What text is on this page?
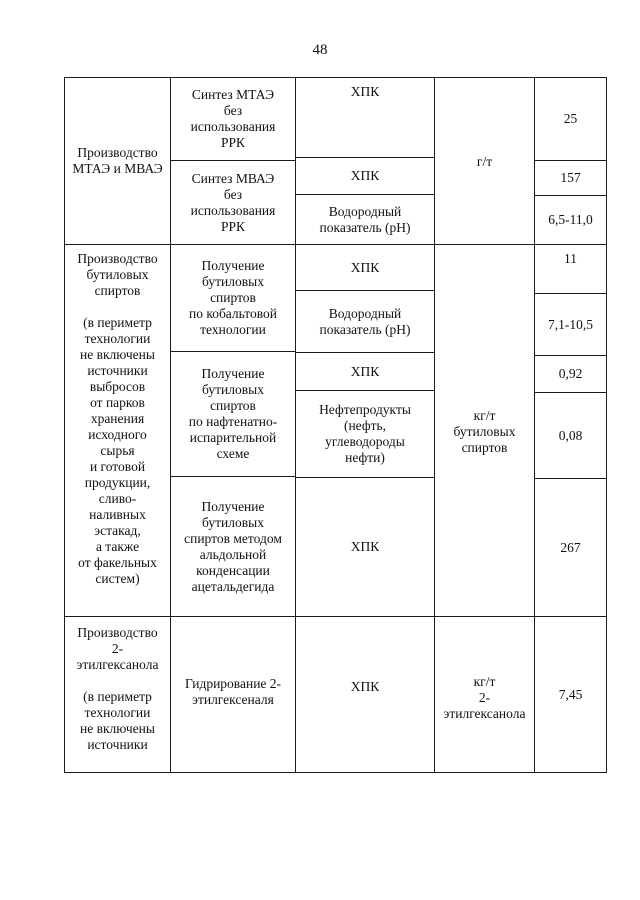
48
Производство
МТАЭ и МВАЭ
Синтез МТАЭ
без
использования
РРК
ХПК
25
Синтез МВАЭ
без
использования
РРК
ХПК
Водородный
показатель (рН)
157
6,5-11,0
г/т
Производство
бутиловых
спиртов

(в периметр
технологии
не включены
источники
выбросов
от парков
хранения
исходного
сырья
и готовой
продукции,
сливо-
наливных
эстакад,
а также
от факельных
систем)
Получение
бутиловых
спиртов
по кобальтовой
технологии
ХПК
Водородный
показатель (рН)
11
7,1-10,5
Получение
бутиловых
спиртов
по нафтенатно-
испарительной
схеме
ХПК
Нефтепродукты
(нефть,
углеводороды
нефти)
0,92
0,08
Получение
бутиловых
спиртов методом
альдольной
конденсации
ацетальдегида
ХПК	267
кг/т
бутиловых
спиртов
Производство
2-
этилгексанола

(в периметр
технологии
не включены
источники
Гидрирование 2-
этилгексеналя
ХПК	кг/т
2-
этилгексанола
7,45
